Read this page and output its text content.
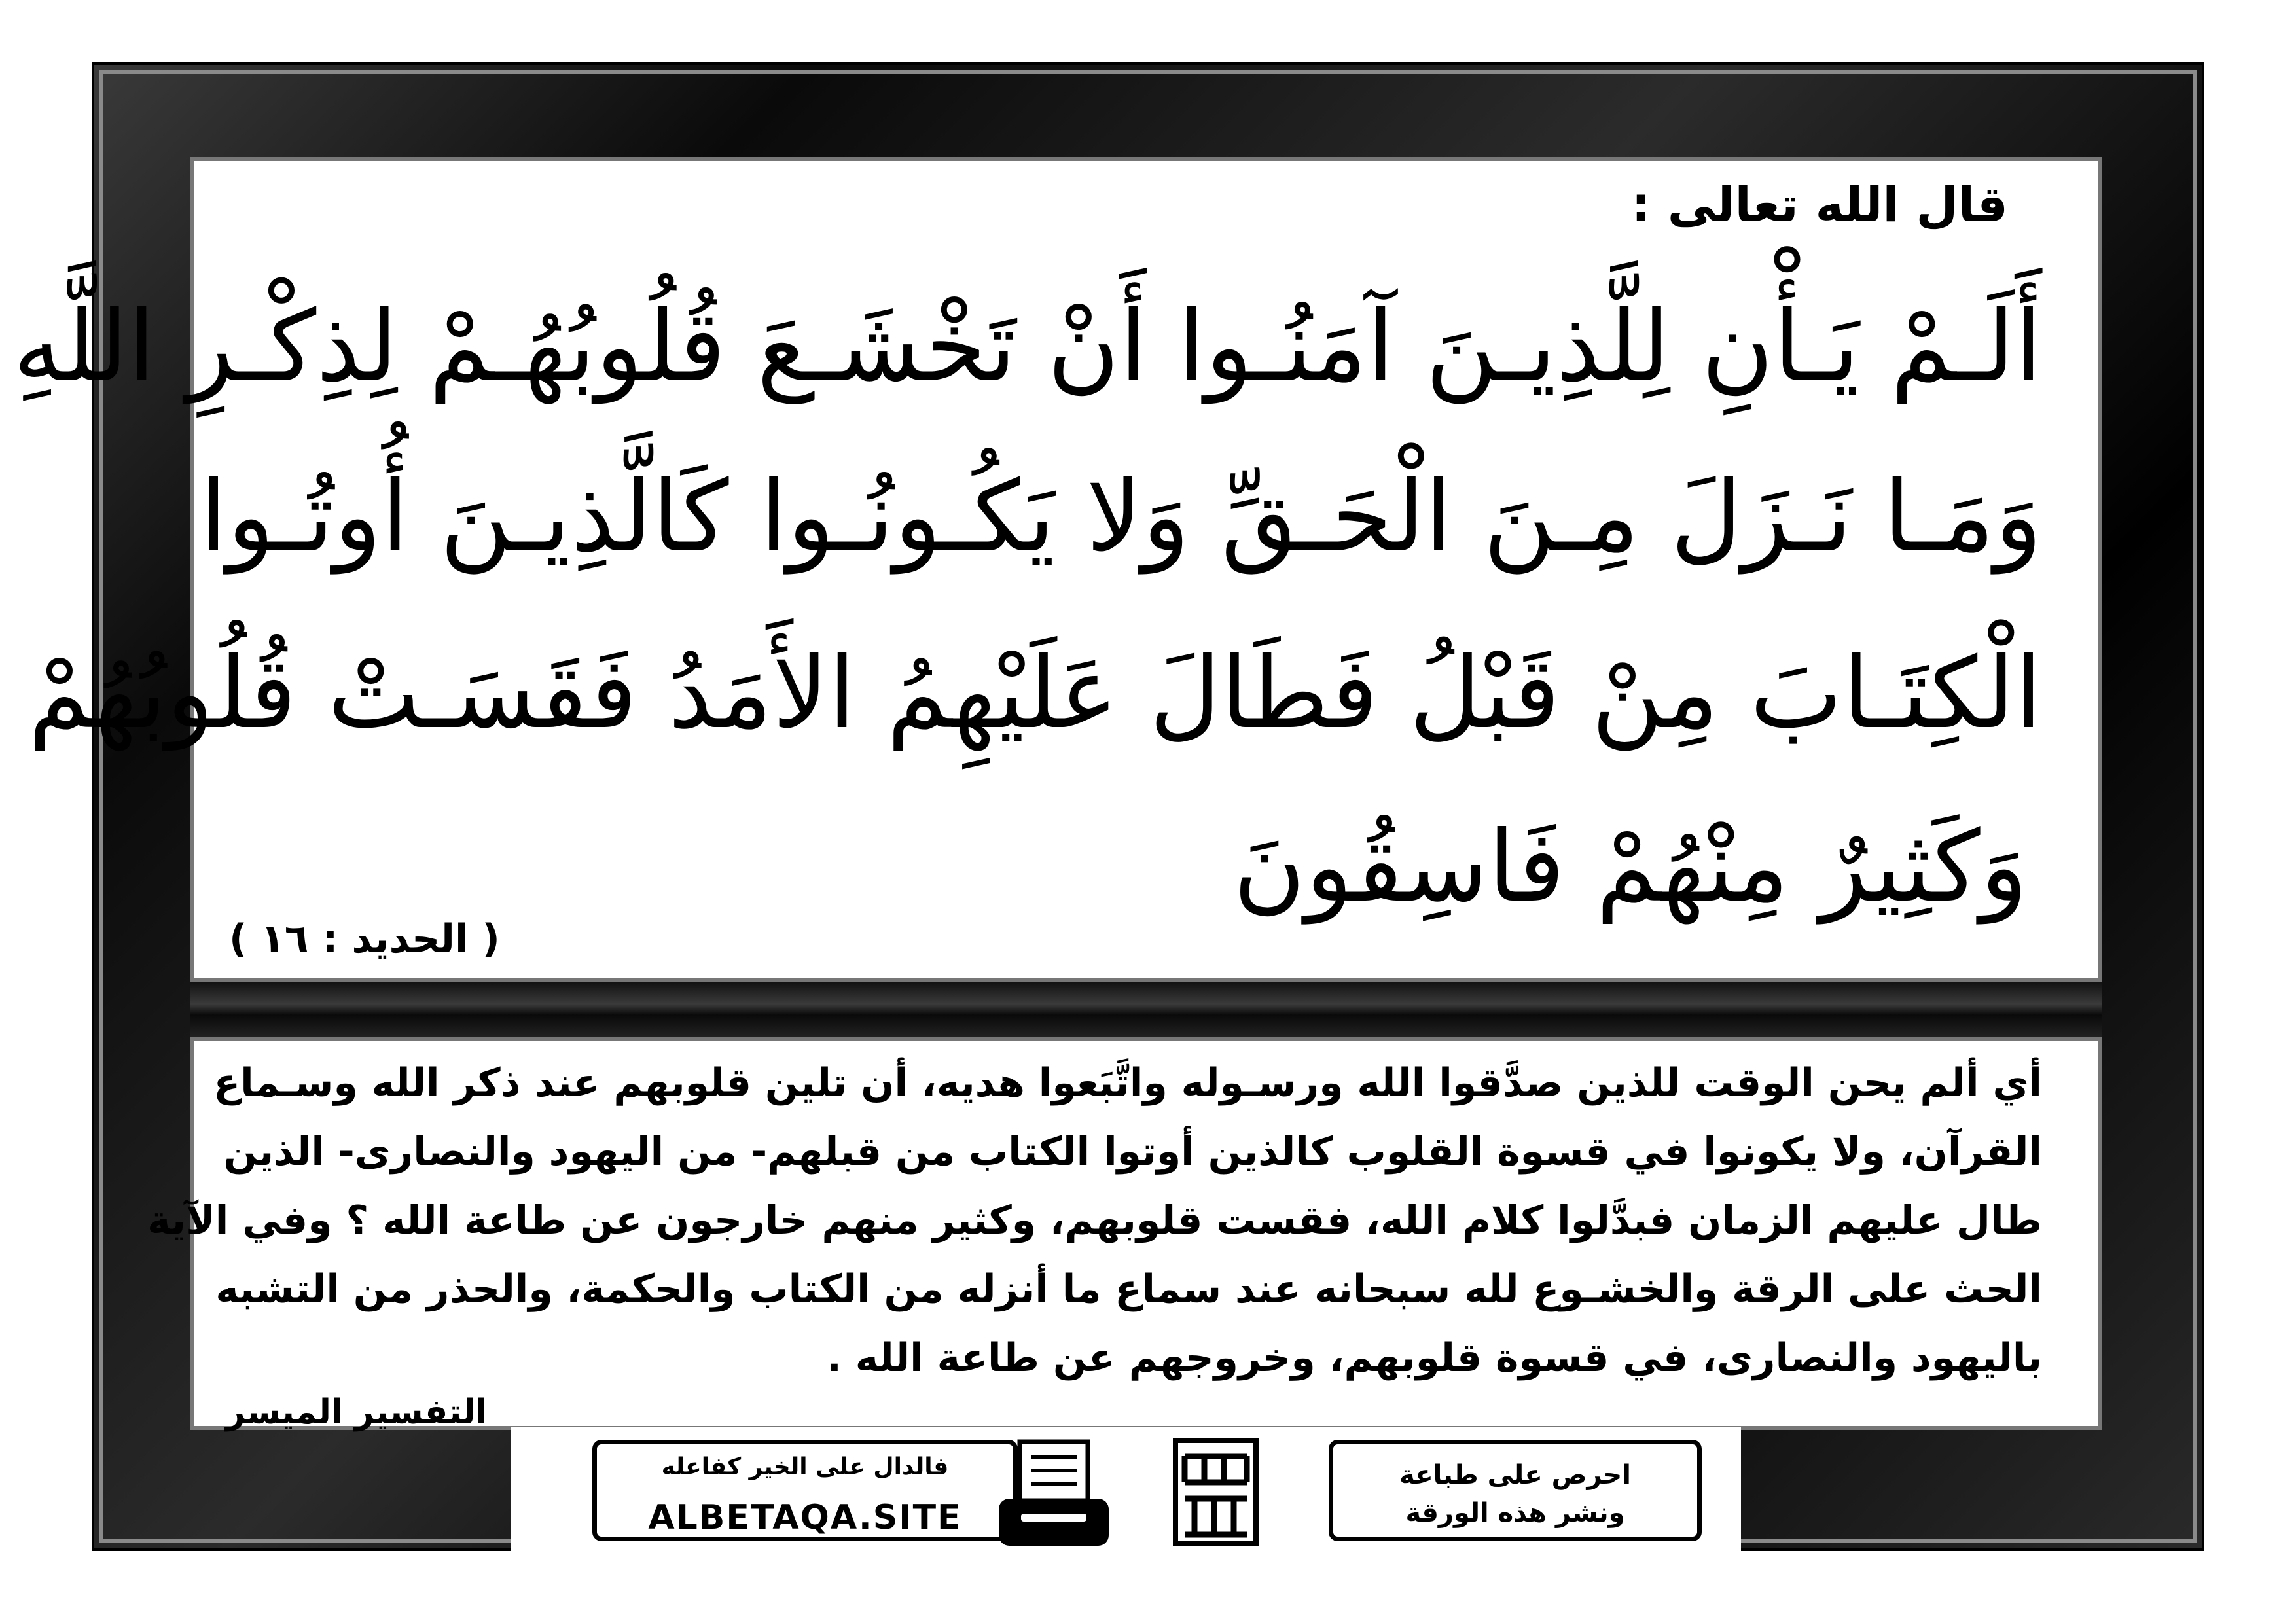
قال الله تعالى :
أَلَـمْ يَـأْنِ لِلَّذِيـنَ آمَنُـوا أَنْ تَخْشَـعَ قُلُوبُهُـمْ لِذِكْـرِ اللَّهِ
وَمَـا نَـزَلَ مِـنَ الْحَـقِّ وَلا يَكُـونُـوا كَالَّذِيـنَ أُوتُـوا
الْكِتَـابَ مِنْ قَبْلُ فَطَالَ عَلَيْهِمُ الأَمَدُ فَقَسَـتْ قُلُوبُهُمْ
وَكَثِيرٌ مِنْهُمْ فَاسِقُونَ
( الحديد : ١٦ )
أي ألم يحن الوقت للذين صدَّقوا الله ورسـوله واتَّبَعوا هديه، أن تلين قلوبهم عند ذكر الله وسـماع
القرآن، ولا يكونوا في قسوة القلوب كالذين أوتوا الكتاب من قبلهم- من اليهود والنصارى- الذين
طال عليهم الزمان فبدَّلوا كلام الله، فقست قلوبهم، وكثير منهم خارجون عن طاعة الله ؟ وفي الآية
الحث على الرقة والخشـوع لله سبحانه عند سماع ما أنزله من الكتاب والحكمة، والحذر من التشبه
باليهود والنصارى، في قسوة قلوبهم، وخروجهم عن طاعة الله .
التفسير الميسر
فالدال على الخير كفاعله
ALBETAQA.SITE
احرص على طباعة
ونشر هذه الورقة
